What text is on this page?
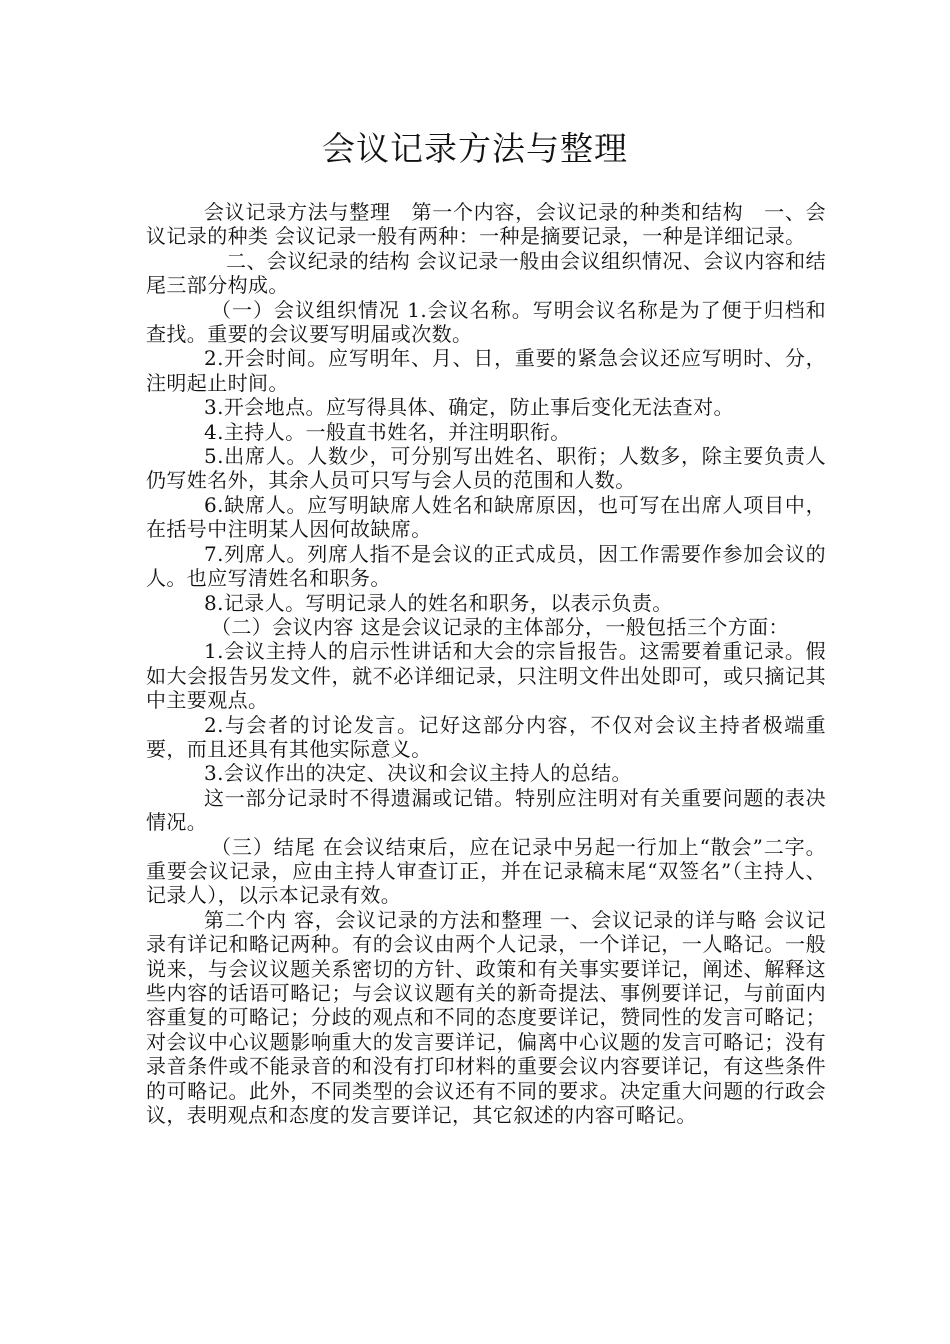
会议记录方法与整理

会议记录方法与整理　第一个内容，会议记录的种类和结构　一、会议记录的种类 会议记录一般有两种：一种是摘要记录，一种是详细记录。

二、会议纪录的结构 会议记录一般由会议组织情况、会议内容和结尾三部分构成。

（一）会议组织情况 1.会议名称。写明会议名称是为了便于归档和查找。重要的会议要写明届或次数。

2.开会时间。应写明年、月、日，重要的紧急会议还应写明时、分，注明起止时间。

3.开会地点。应写得具体、确定，防止事后变化无法查对。

4.主持人。一般直书姓名，并注明职衔。

5.出席人。人数少，可分别写出姓名、职衔；人数多，除主要负责人仍写姓名外，其余人员可只写与会人员的范围和人数。

6.缺席人。应写明缺席人姓名和缺席原因，也可写在出席人项目中，在括号中注明某人因何故缺席。

7.列席人。列席人指不是会议的正式成员，因工作需要作参加会议的人。也应写清姓名和职务。

8.记录人。写明记录人的姓名和职务，以表示负责。

（二）会议内容 这是会议记录的主体部分，一般包括三个方面：

1.会议主持人的启示性讲话和大会的宗旨报告。这需要着重记录。假如大会报告另发文件，就不必详细记录，只注明文件出处即可，或只摘记其中主要观点。

2.与会者的讨论发言。记好这部分内容，不仅对会议主持者极端重要，而且还具有其他实际意义。

3.会议作出的决定、决议和会议主持人的总结。

这一部分记录时不得遗漏或记错。特别应注明对有关重要问题的表决情况。

（三）结尾 在会议结束后，应在记录中另起一行加上“散会”二字。重要会议记录，应由主持人审查订正，并在记录稿末尾“双签名”（主持人、记录人），以示本记录有效。

第二个内 容，会议记录的方法和整理 一、会议记录的详与略 会议记录有详记和略记两种。有的会议由两个人记录，一个详记，一人略记。一般说来，与会议议题关系密切的方针、政策和有关事实要详记，阐述、解释这些内容的话语可略记；与会议议题有关的新奇提法、事例要详记，与前面内容重复的可略记；分歧的观点和不同的态度要详记，赞同性的发言可略记；对会议中心议题影响重大的发言要详记，偏离中心议题的发言可略记；没有录音条件或不能录音的和没有打印材料的重要会议内容要详记，有这些条件的可略记。此外，不同类型的会议还有不同的要求。决定重大问题的行政会议，表明观点和态度的发言要详记，其它叙述的内容可略记。
